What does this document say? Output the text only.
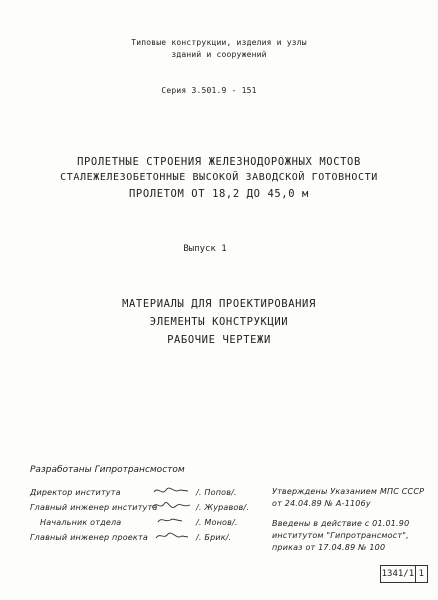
Типовые конструкции, изделия и узлы
зданий и сооружений
Серия 3.501.9 - 151
ПРОЛЕТНЫЕ СТРОЕНИЯ ЖЕЛЕЗНОДОРОЖНЫХ МОСТОВ
СТАЛЕЖЕЛЕЗОБЕТОННЫЕ ВЫСОКОЙ ЗАВОДСКОЙ ГОТОВНОСТИ
ПРОЛЕТОМ ОТ 18,2 ДО 45,0 м
Выпуск 1
МАТЕРИАЛЫ ДЛЯ ПРОЕКТИРОВАНИЯ
ЭЛЕМЕНТЫ КОНСТРУКЦИИ
РАБОЧИЕ ЧЕРТЕЖИ
Разработаны Гипротрансмостом
Директор института
Главный инженер института
Начальник отдела
Главный инженер проекта
/. Попов/.
/. Журавов/.
/. Монов/.
/. Брик/.
Утверждены Указанием МПС СССР
от 24.04.89 № А-1106у
Введены в действие с 01.01.90
институтом "Гипротрансмост",
приказ от 17.04.89 № 100
1341/1 1
